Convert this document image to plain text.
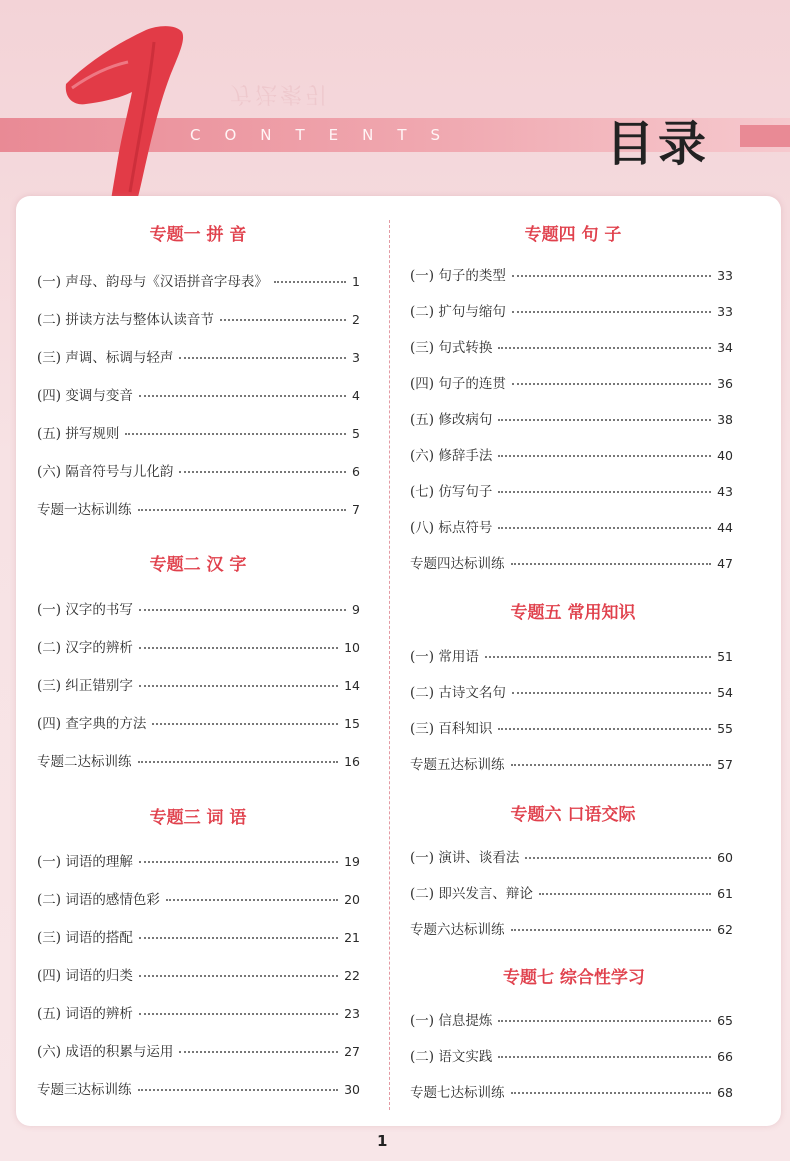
方法索引
CONTENTS	目录
专题一 拼 音
(一) 声母、韵母与《汉语拼音字母表》	1
(二) 拼读方法与整体认读音节	2
(三) 声调、标调与轻声	3
(四) 变调与变音	4
(五) 拼写规则	5
(六) 隔音符号与儿化韵	6
专题一达标训练	7
专题二 汉 字
(一) 汉字的书写	9
(二) 汉字的辨析	10
(三) 纠正错别字	14
(四) 查字典的方法	15
专题二达标训练	16
专题三 词 语
(一) 词语的理解	19
(二) 词语的感情色彩	20
(三) 词语的搭配	21
(四) 词语的归类	22
(五) 词语的辨析	23
(六) 成语的积累与运用	27
专题三达标训练	30
专题四 句 子
(一) 句子的类型	33
(二) 扩句与缩句	33
(三) 句式转换	34
(四) 句子的连贯	36
(五) 修改病句	38
(六) 修辞手法	40
(七) 仿写句子	43
(八) 标点符号	44
专题四达标训练	47
专题五 常用知识
(一) 常用语	51
(二) 古诗文名句	54
(三) 百科知识	55
专题五达标训练	57
专题六 口语交际
(一) 演讲、谈看法	60
(二) 即兴发言、辩论	61
专题六达标训练	62
专题七 综合性学习
(一) 信息提炼	65
(二) 语文实践	66
专题七达标训练	68
1
